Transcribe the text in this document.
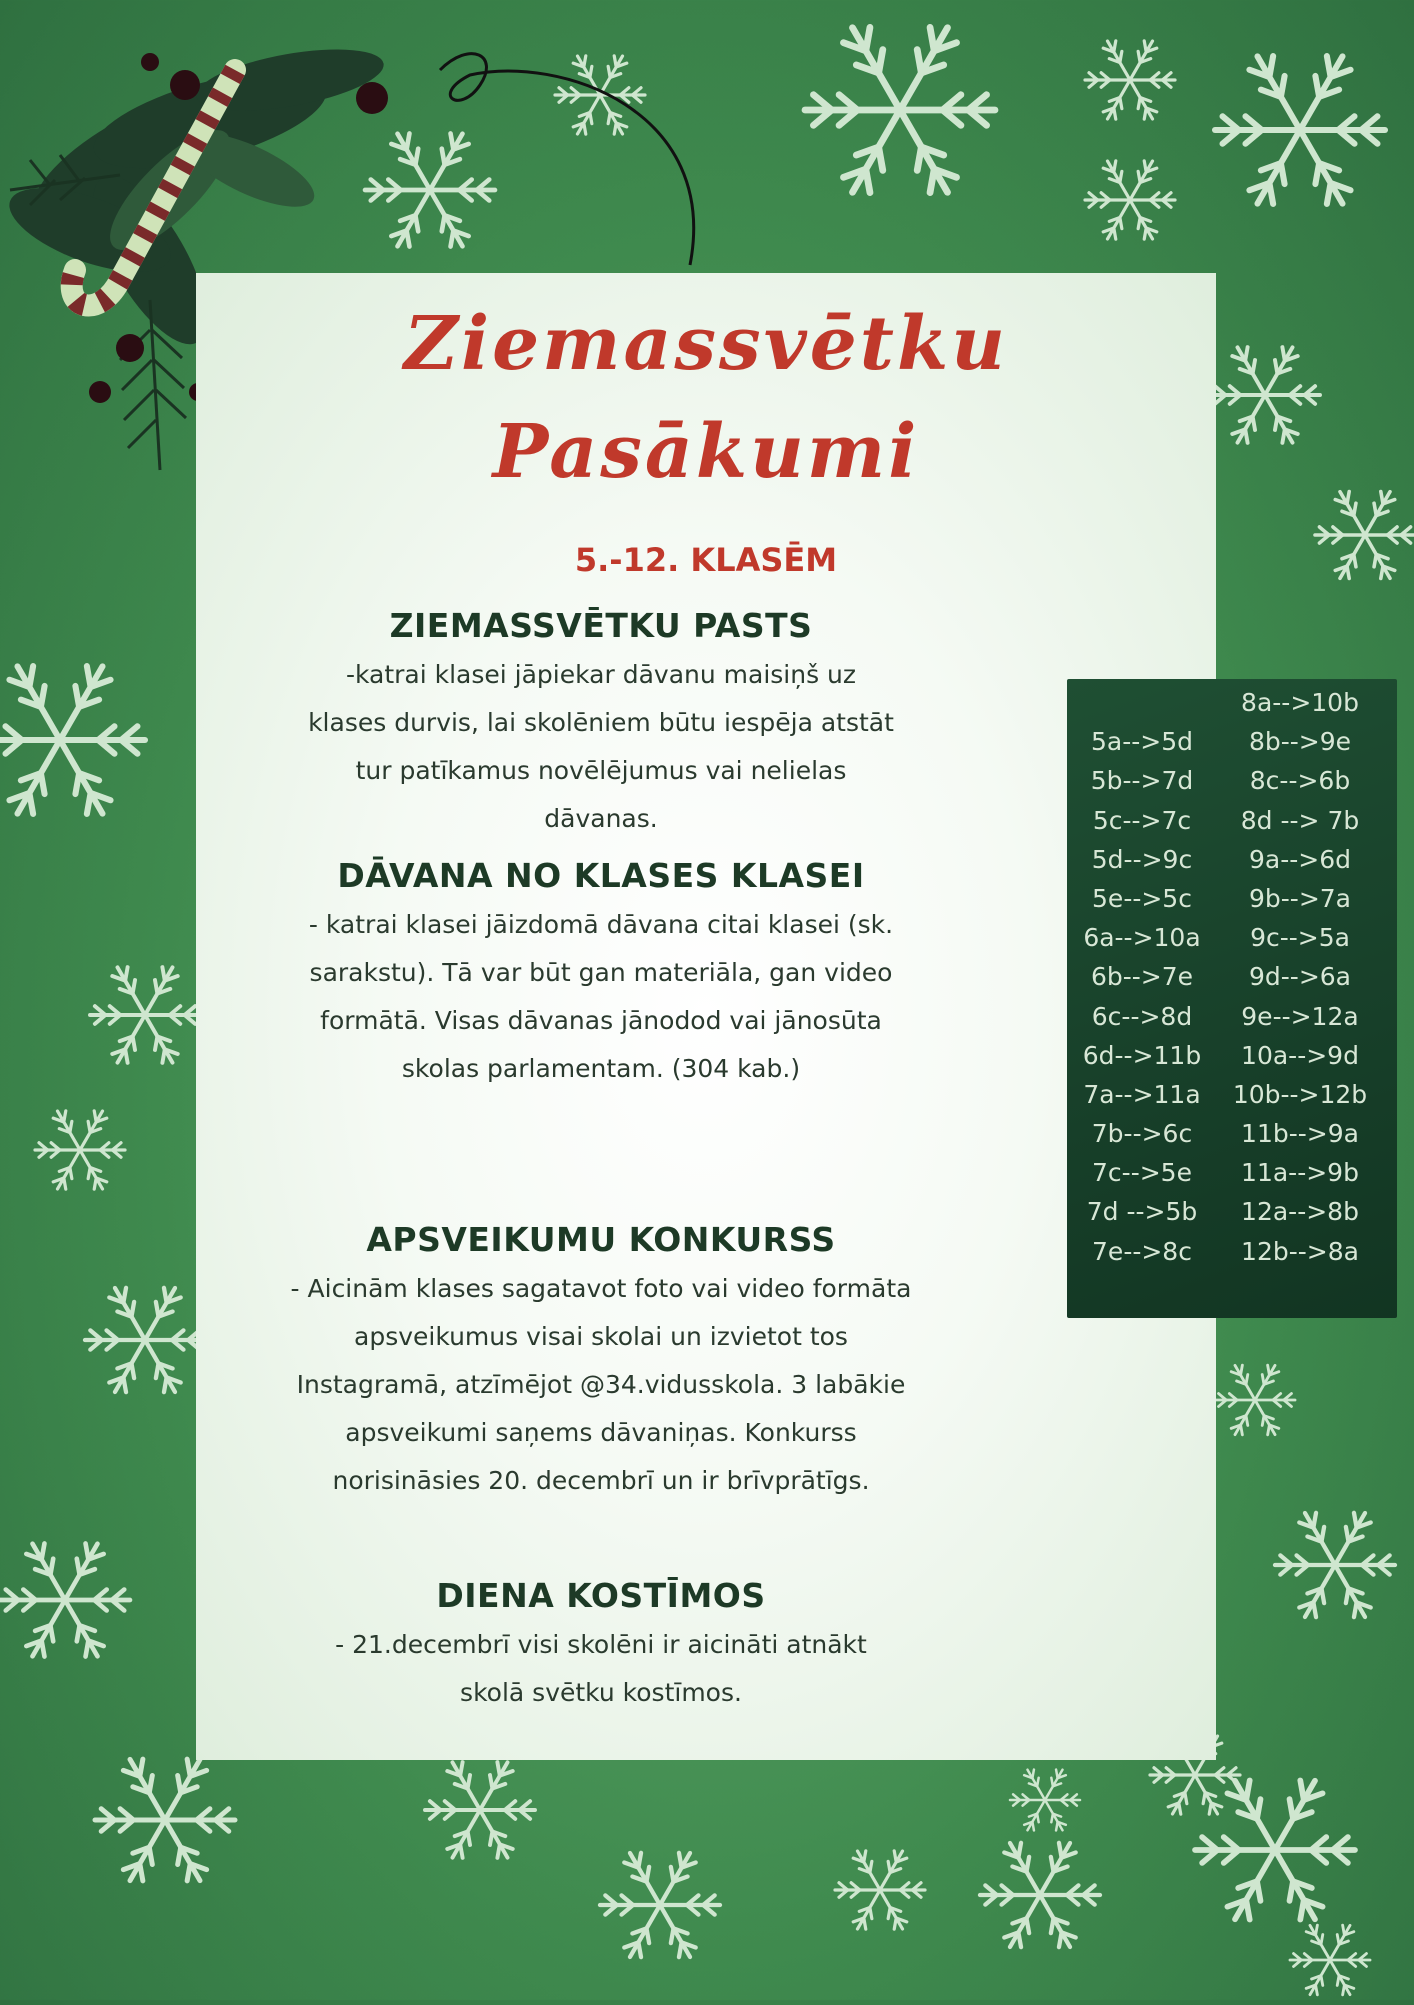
Ziemassvētku
Pasākumi
5.-12. KLASĒM
ZIEMASSVĒTKU PASTS

-katrai klasei jāpiekar dāvanu maisiņš uz klases durvis, lai skolēniem būtu iespēja atstāt tur patīkamus novēlējumus vai nelielas dāvanas.

DĀVANA NO KLASES KLASEI

- katrai klasei jāizdomā dāvana citai klasei (sk. sarakstu). Tā var būt gan materiāla, gan video formātā. Visas dāvanas jānodod vai jānosūta skolas parlamentam. (304 kab.)

APSVEIKUMU KONKURSS

- Aicinām klases sagatavot foto vai video formāta apsveikumus visai skolai un izvietot tos Instagramā, atzīmējot @34.vidusskola. 3 labākie apsveikumi saņems dāvaniņas. Konkurss norisināsies 20. decembrī un ir brīvprātīgs.

DIENA KOSTĪMOS

- 21.decembrī visi skolēni ir aicināti atnākt skolā svētku kostīmos.

5a-->5d
5b-->7d
5c-->7c
5d-->9c
5e-->5c
6a-->10a
6b-->7e
6c-->8d
6d-->11b
7a-->11a
7b-->6c
7c-->5e
7d -->5b
7e-->8c
8a-->10b
8b-->9e
8c-->6b
8d --> 7b
9a-->6d
9b-->7a
9c-->5a
9d-->6a
9e-->12a
10a-->9d
10b-->12b
11b-->9a
11a-->9b
12a-->8b
12b-->8a
